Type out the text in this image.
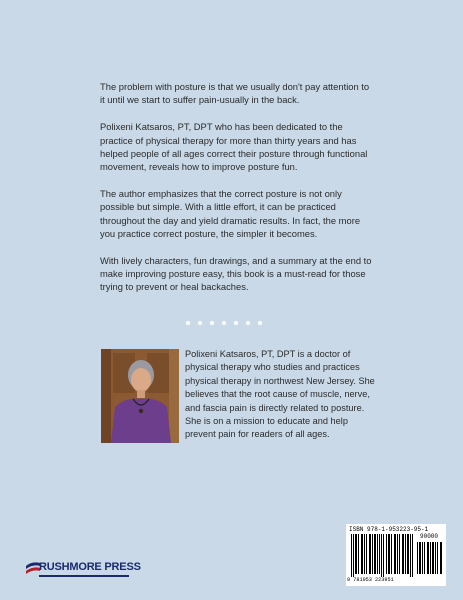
The problem with posture is that we usually don't pay attention to it until we start to suffer pain-usually in the back.

Polixeni Katsaros, PT, DPT who has been dedicated to the practice of physical therapy for more than thirty years and has helped people of all ages correct their posture through functional movement, reveals how to improve posture fun.

The author emphasizes that the correct posture is not only possible but simple. With a little effort, it can be practiced throughout the day and yield dramatic results. In fact, the more you practice correct posture, the simpler it becomes.

With lively characters, fun drawings, and a summary at the end to make improving posture easy, this book is a must-read for those trying to prevent or heal backaches.

Polixeni Katsaros, PT, DPT is a doctor of physical therapy who studies and practices physical therapy in northwest New Jersey. She believes that the root cause of muscle, nerve, and fascia pain is directly related to posture. She is on a mission to educate and help prevent pain for readers of all ages.

RUSHMORE PRESS
ISBN 978-1-953223-95-1
90000
9 781953 223951
